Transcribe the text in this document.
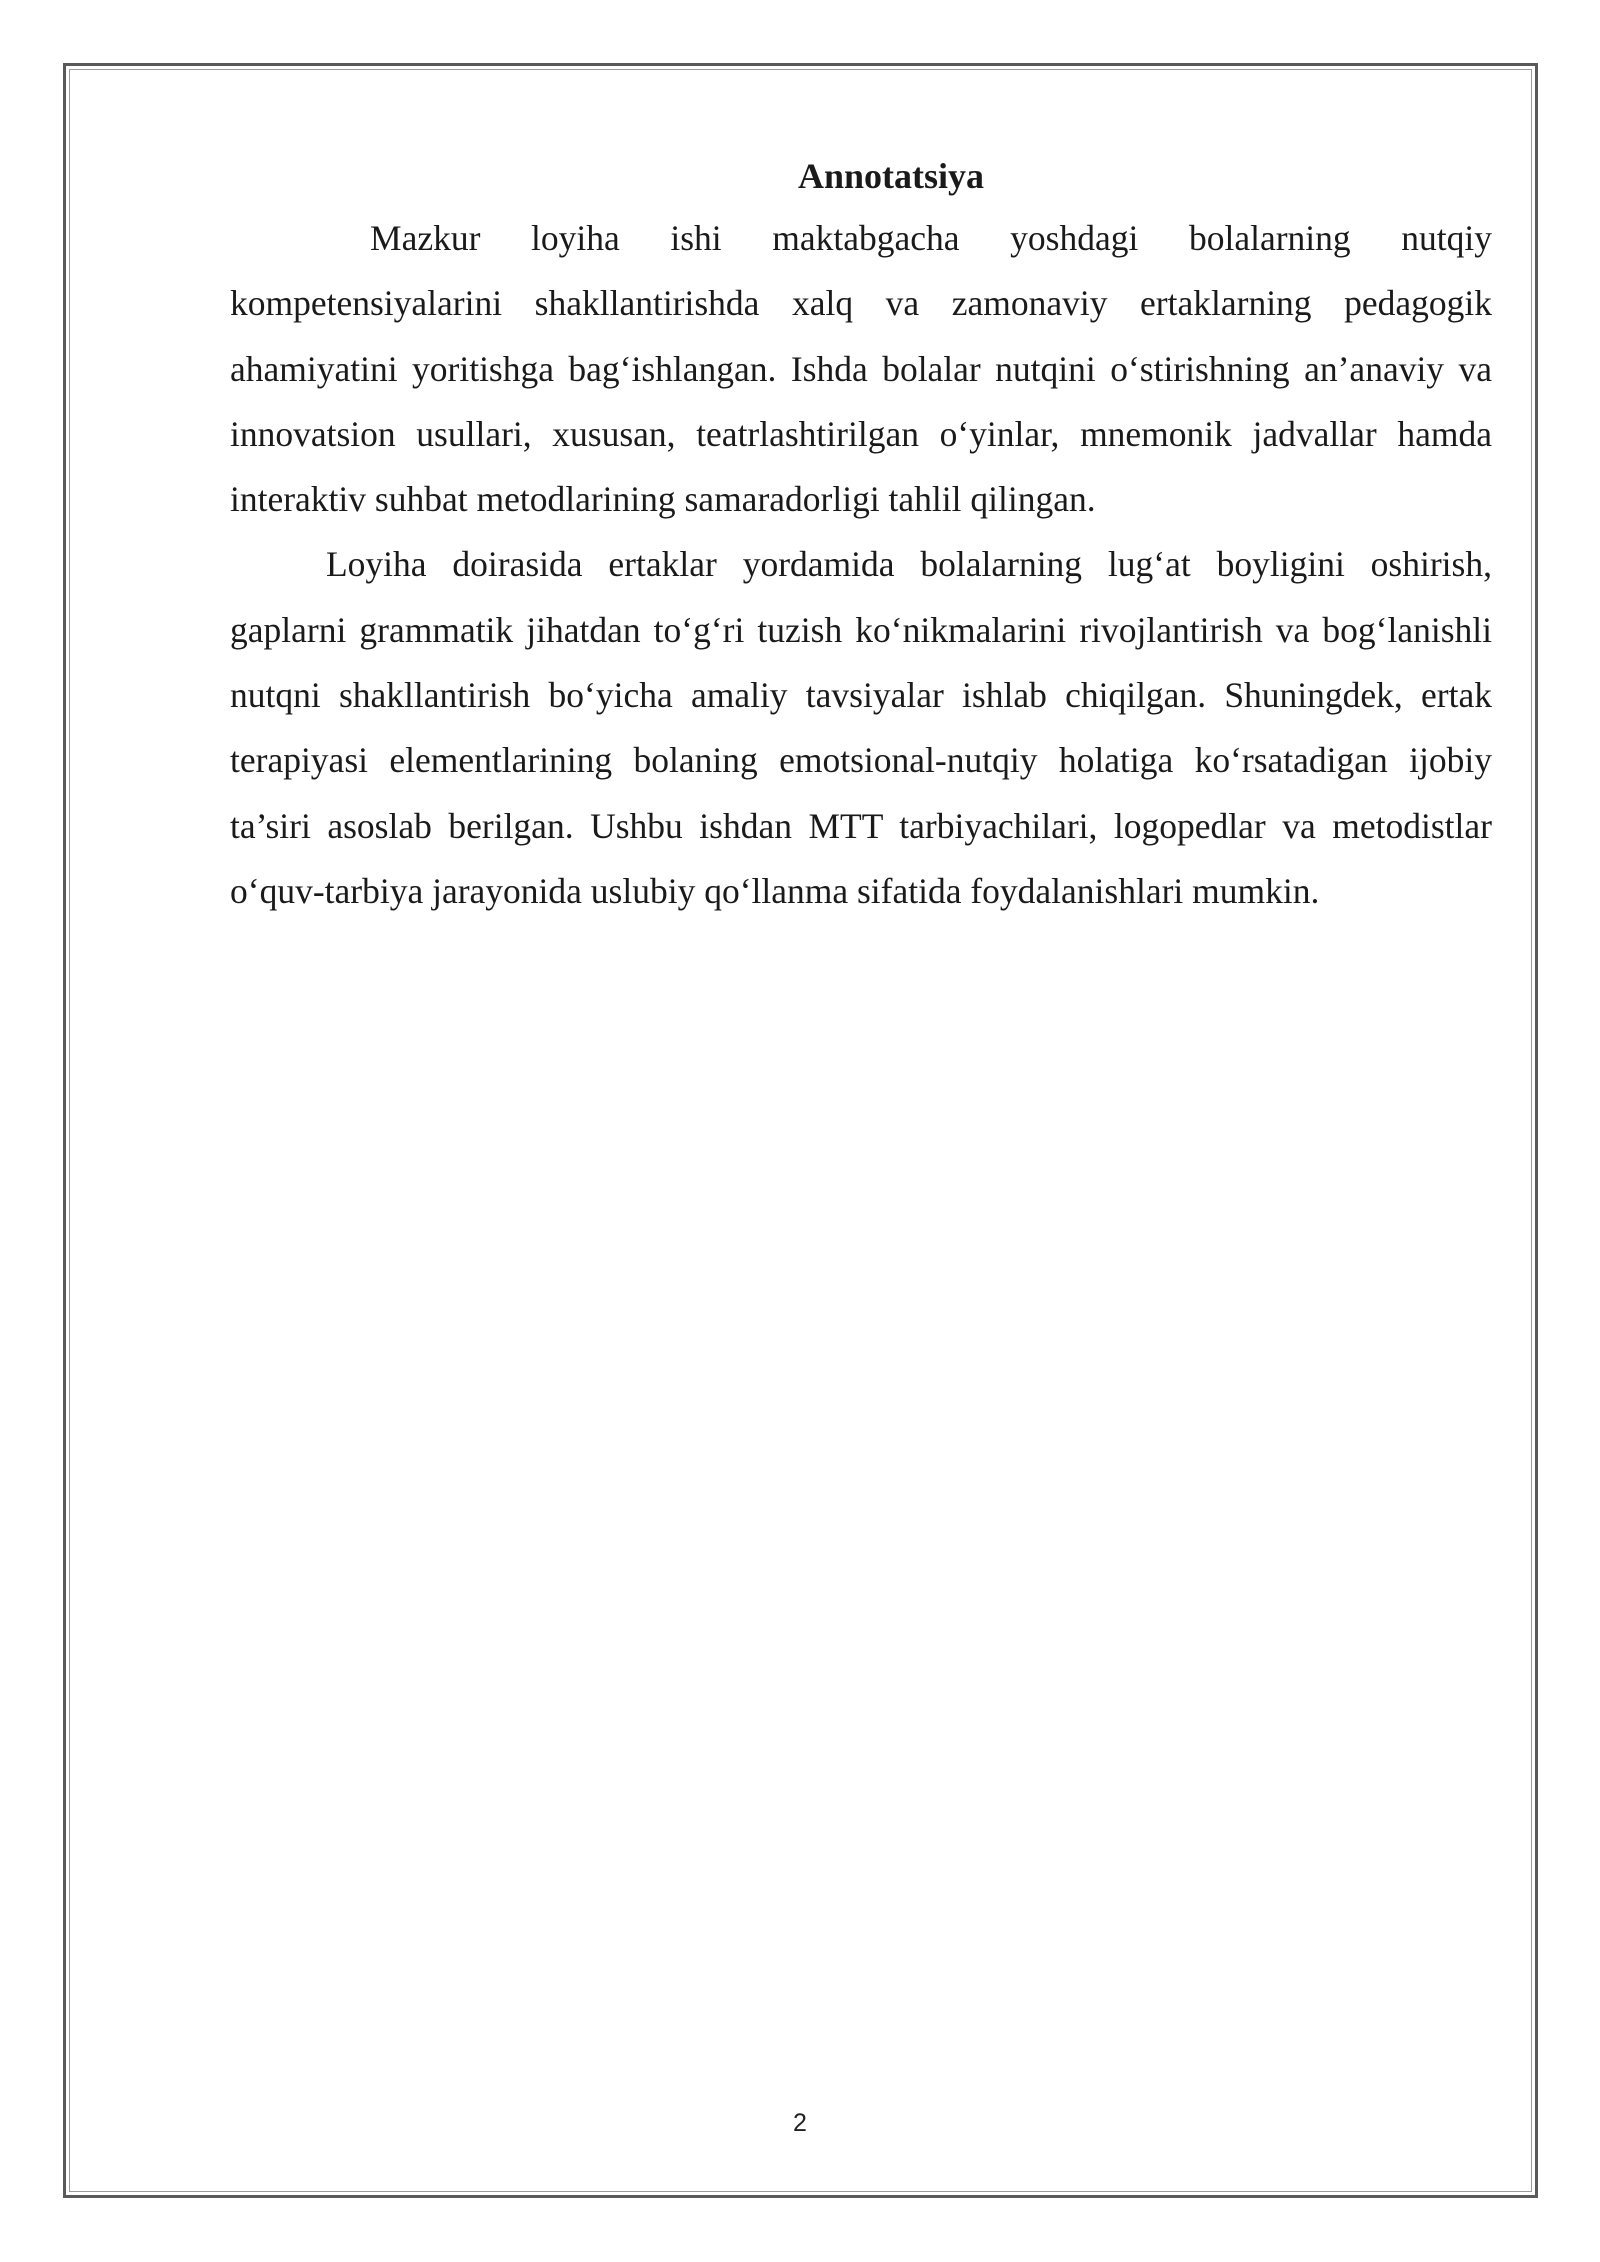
Annotatsiya

Mazkur loyiha ishi maktabgacha yoshdagi bolalarning nutqiy kompetensiyalarini shakllantirishda xalq va zamonaviy ertaklarning pedagogik ahamiyatini yoritishga bag‘ishlangan. Ishda bolalar nutqini o‘stirishning an’anaviy va innovatsion usullari, xususan, teatrlashtirilgan o‘yinlar, mnemonik jadvallar hamda interaktiv suhbat metodlarining samaradorligi tahlil qilingan.

Loyiha doirasida ertaklar yordamida bolalarning lug‘at boyligini oshirish, gaplarni grammatik jihatdan to‘g‘ri tuzish ko‘nikmalarini rivojlantirish va bog‘lanishli nutqni shakllantirish bo‘yicha amaliy tavsiyalar ishlab chiqilgan. Shuningdek, ertak terapiyasi elementlarining bolaning emotsional-nutqiy holatiga ko‘rsatadigan ijobiy ta’siri asoslab berilgan. Ushbu ishdan MTT tarbiyachilari, logopedlar va metodistlar o‘quv-tarbiya jarayonida uslubiy qo‘llanma sifatida foydalanishlari mumkin.

2
